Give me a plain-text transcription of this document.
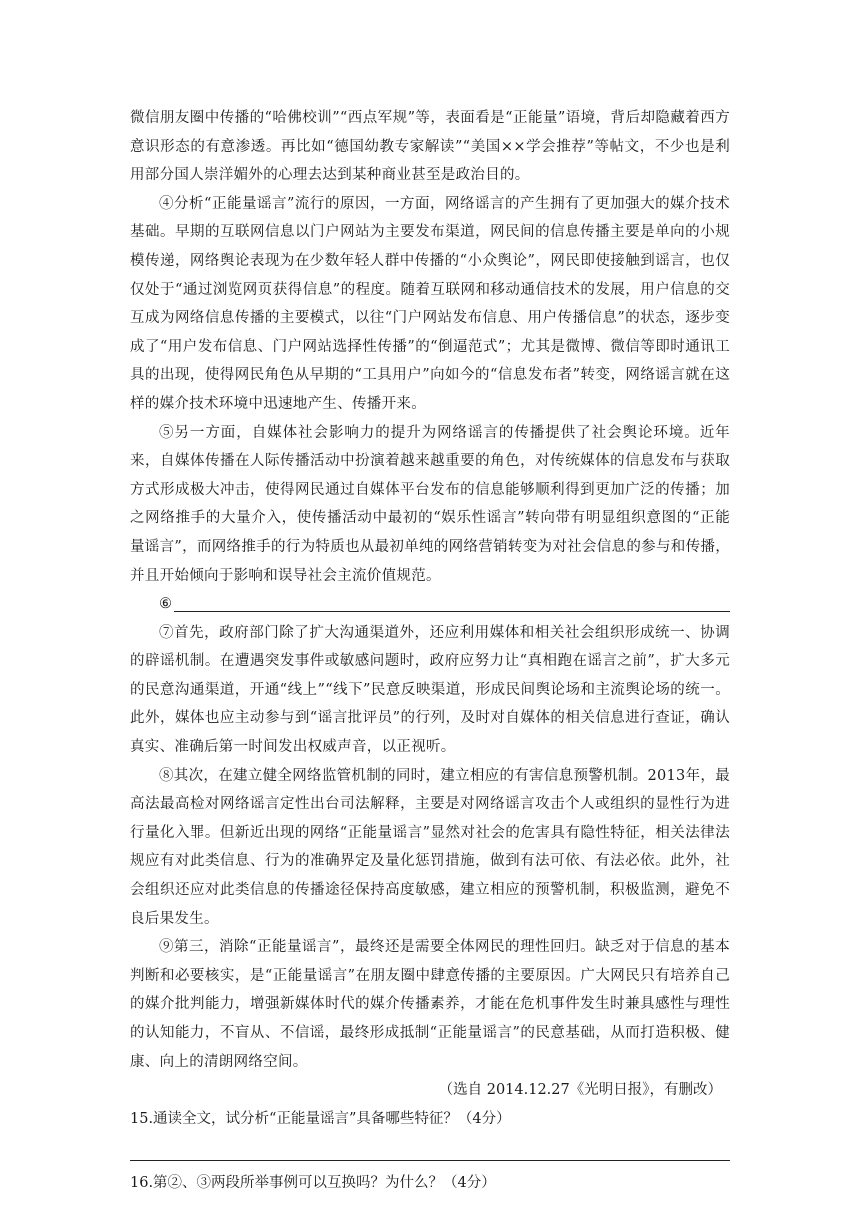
微信朋友圈中传播的“哈佛校训”“西点军规”等，表面看是“正能量”语境，背后却隐藏着西方意识形态的有意渗透。再比如“德国幼教专家解读”“美国××学会推荐”等帖文，不少也是利用部分国人崇洋媚外的心理去达到某种商业甚至是政治目的。

④分析“正能量谣言”流行的原因，一方面，网络谣言的产生拥有了更加强大的媒介技术基础。早期的互联网信息以门户网站为主要发布渠道，网民间的信息传播主要是单向的小规模传递，网络舆论表现为在少数年轻人群中传播的“小众舆论”，网民即使接触到谣言，也仅仅处于“通过浏览网页获得信息”的程度。随着互联网和移动通信技术的发展，用户信息的交互成为网络信息传播的主要模式，以往“门户网站发布信息、用户传播信息”的状态，逐步变成了“用户发布信息、门户网站选择性传播”的“倒逼范式”；尤其是微博、微信等即时通讯工具的出现，使得网民角色从早期的“工具用户”向如今的“信息发布者”转变，网络谣言就在这样的媒介技术环境中迅速地产生、传播开来。

⑤另一方面，自媒体社会影响力的提升为网络谣言的传播提供了社会舆论环境。近年来，自媒体传播在人际传播活动中扮演着越来越重要的角色，对传统媒体的信息发布与获取方式形成极大冲击，使得网民通过自媒体平台发布的信息能够顺利得到更加广泛的传播；加之网络推手的大量介入，使传播活动中最初的“娱乐性谣言”转向带有明显组织意图的“正能量谣言”，而网络推手的行为特质也从最初单纯的网络营销转变为对社会信息的参与和传播，并且开始倾向于影响和误导社会主流价值规范。

⑥

⑦首先，政府部门除了扩大沟通渠道外，还应利用媒体和相关社会组织形成统一、协调的辟谣机制。在遭遇突发事件或敏感问题时，政府应努力让“真相跑在谣言之前”，扩大多元的民意沟通渠道，开通“线上”“线下”民意反映渠道，形成民间舆论场和主流舆论场的统一。此外，媒体也应主动参与到“谣言批评员”的行列，及时对自媒体的相关信息进行查证，确认真实、准确后第一时间发出权威声音，以正视听。

⑧其次，在建立健全网络监管机制的同时，建立相应的有害信息预警机制。2013年，最高法最高检对网络谣言定性出台司法解释，主要是对网络谣言攻击个人或组织的显性行为进行量化入罪。但新近出现的网络“正能量谣言”显然对社会的危害具有隐性特征，相关法律法规应有对此类信息、行为的准确界定及量化惩罚措施，做到有法可依、有法必依。此外，社会组织还应对此类信息的传播途径保持高度敏感，建立相应的预警机制，积极监测，避免不良后果发生。

⑨第三，消除“正能量谣言”，最终还是需要全体网民的理性回归。缺乏对于信息的基本判断和必要核实，是“正能量谣言”在朋友圈中肆意传播的主要原因。广大网民只有培养自己的媒介批判能力，增强新媒体时代的媒介传播素养，才能在危机事件发生时兼具感性与理性的认知能力，不盲从、不信谣，最终形成抵制“正能量谣言”的民意基础，从而打造积极、健康、向上的清朗网络空间。

（选自 2014.12.27《光明日报》，有删改）

15.通读全文，试分析“正能量谣言”具备哪些特征？（4分）

16.第②、③两段所举事例可以互换吗？为什么？（4分）
